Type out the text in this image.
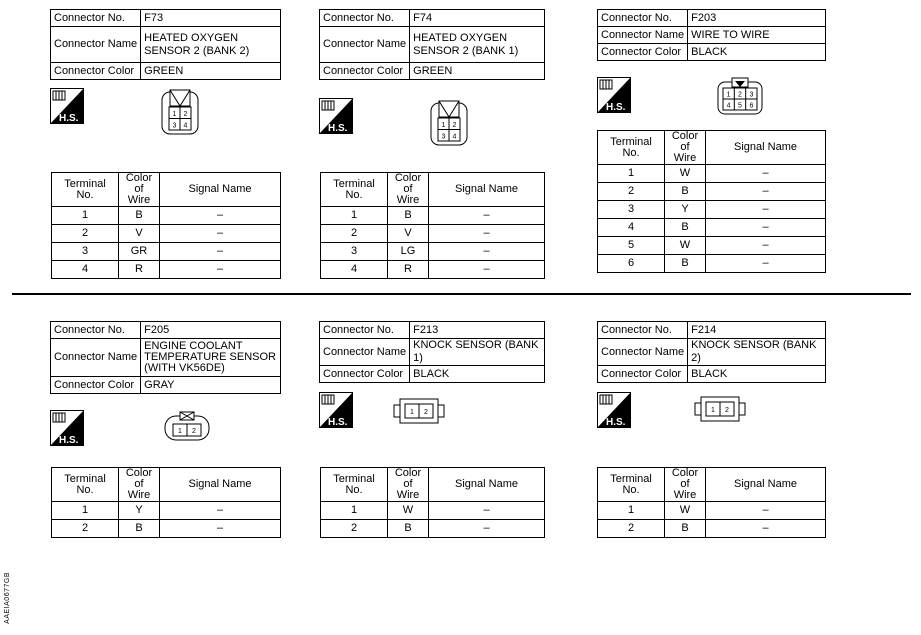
Connector No.	F73
Connector Name	HEATED OXYGEN
SENSOR 2 (BANK 2)

Connector Color	GREEN
H.S.	1 2
3 4
Terminal No.	Color of
Wire	Signal Name
1	B	–
2	V	–
3	GR	–
4	R	–
Connector No.	F74
Connector Name	HEATED OXYGEN
SENSOR 2 (BANK 1)

Connector Color	GREEN
H.S.	1 2
3 4
Terminal No.	Color of
Wire	Signal Name
1	B	–
2	V	–
3	LG	–
4	R	–
Connector No.	F203
Connector Name	WIRE TO WIRE
Connector Color	BLACK
H.S.
1 2 3
4 5 6
Terminal No.	Color of
Wire	Signal Name
1	W	–
2	B	–
3	Y	–
4	B	–
5	W	–
6	B	–
Connector No.	F205
Connector Name	ENGINE COOLANT
TEMPERATURE SENSOR
(WITH VK56DE)

Connector Color	GRAY
H.S.
1 2
Terminal No.	Color of
Wire	Signal Name
1	Y	–
2	B	–
Connector No.	F213
Connector Name	KNOCK SENSOR (BANK 1)
Connector Color	BLACK
H.S.
1 2
Terminal No.	Color of
Wire	Signal Name
1	W	–
2	B	–
Connector No.	F214
Connector Name	KNOCK SENSOR (BANK 2)
Connector Color	BLACK
H.S.
1 2
Terminal No.	Color of
Wire	Signal Name
1	W	–
2	B	–
AAEIA0677GB
